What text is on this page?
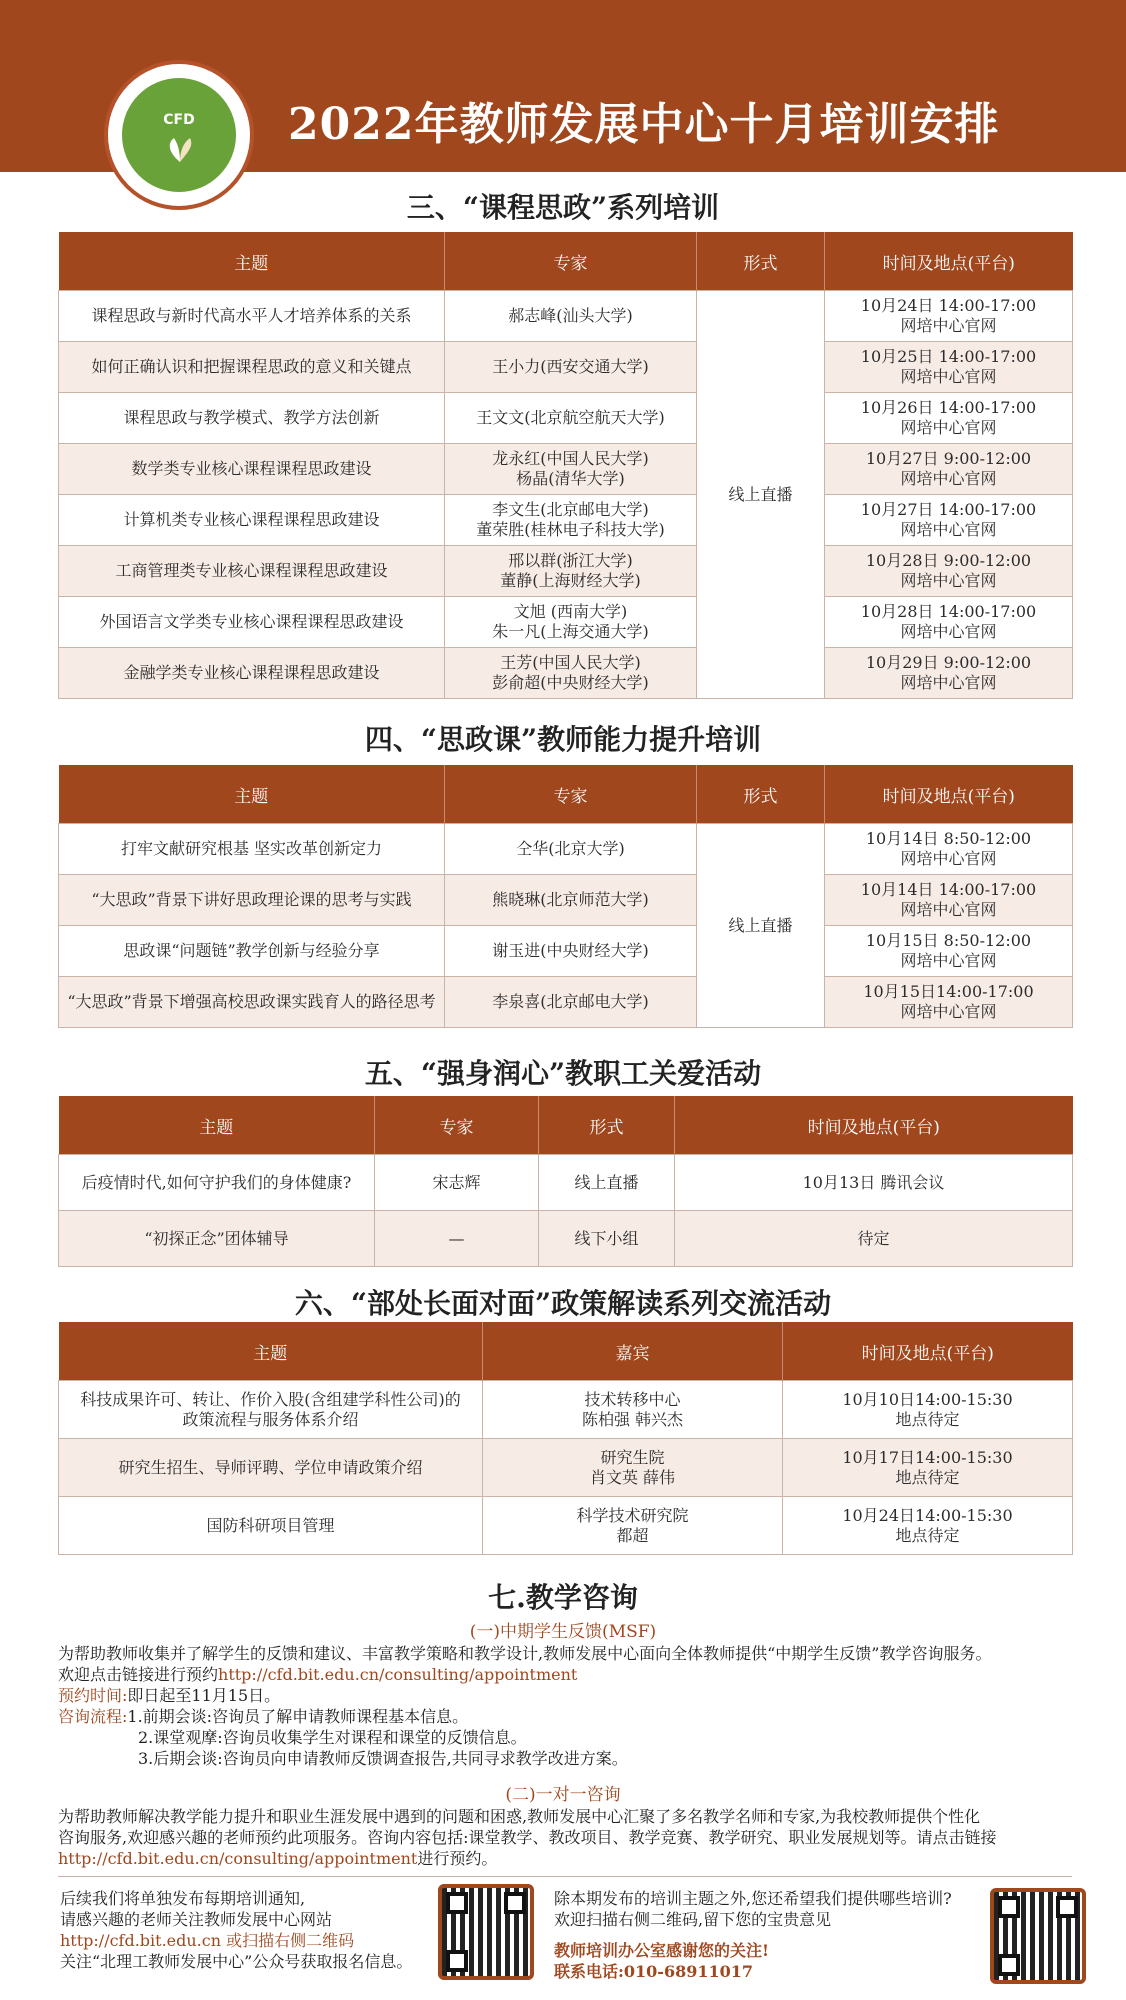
2022年教师发展中心十月培训安排
CFD
三、“课程思政”系列培训
主题	专家	形式	时间及地点(平台)
课程思政与新时代高水平人才培养体系的关系	郝志峰(汕头大学)	线上直播	10月24日 14:00-17:00
网培中心官网

如何正确认识和把握课程思政的意义和关键点	王小力(西安交通大学)		10月25日 14:00-17:00
网培中心官网

课程思政与教学模式、教学方法创新	王文文(北京航空航天大学)		10月26日 14:00-17:00
网培中心官网

数学类专业核心课程课程思政建设	龙永红(中国人民大学)
杨晶(清华大学)		10月27日 9:00-12:00
网培中心官网

计算机类专业核心课程课程思政建设	李文生(北京邮电大学)
董荣胜(桂林电子科技大学)		10月27日 14:00-17:00
网培中心官网

工商管理类专业核心课程课程思政建设	邢以群(浙江大学)
董静(上海财经大学)		10月28日 9:00-12:00
网培中心官网

外国语言文学类专业核心课程课程思政建设	文旭 (西南大学)
朱一凡(上海交通大学)		10月28日 14:00-17:00
网培中心官网

金融学类专业核心课程课程思政建设	王芳(中国人民大学)
彭俞超(中央财经大学)		10月29日 9:00-12:00
网培中心官网
四、“思政课”教师能力提升培训
主题	专家	形式	时间及地点(平台)
打牢文献研究根基 坚实改革创新定力	仝华(北京大学)	线上直播	10月14日 8:50-12:00
网培中心官网

“大思政”背景下讲好思政理论课的思考与实践	熊晓琳(北京师范大学)		10月14日 14:00-17:00
网培中心官网

思政课“问题链”教学创新与经验分享	谢玉进(中央财经大学)		10月15日 8:50-12:00
网培中心官网

“大思政”背景下增强高校思政课实践育人的路径思考	李泉喜(北京邮电大学)		10月15日14:00-17:00
网培中心官网
五、“强身润心”教职工关爱活动
主题	专家	形式	时间及地点(平台)
后疫情时代,如何守护我们的身体健康?	宋志辉	线上直播	10月13日 腾讯会议
“初探正念”团体辅导	—	线下小组	待定
六、“部处长面对面”政策解读系列交流活动
主题	嘉宾	时间及地点(平台)

科技成果许可、转让、作价入股(含组建学科性公司)的
政策流程与服务体系介绍	技术转移中心
陈柏强 韩兴杰	10月10日14:00-15:30
地点待定

研究生招生、导师评聘、学位申请政策介绍	研究生院
肖文英 薛伟	10月17日14:00-15:30
地点待定

国防科研项目管理	科学技术研究院
都超	10月24日14:00-15:30
地点待定
七.教学咨询
(一)中期学生反馈(MSF)
为帮助教师收集并了解学生的反馈和建议、丰富教学策略和教学设计,教师发展中心面向全体教师提供“中期学生反馈”教学咨询服务。
欢迎点击链接进行预约http://cfd.bit.edu.cn/consulting/appointment
预约时间:即日起至11月15日。
咨询流程:1.前期会谈:咨询员了解申请教师课程基本信息。
2.课堂观摩:咨询员收集学生对课程和课堂的反馈信息。
3.后期会谈:咨询员向申请教师反馈调查报告,共同寻求教学改进方案。
(二)一对一咨询
为帮助教师解决教学能力提升和职业生涯发展中遇到的问题和困惑,教师发展中心汇聚了多名教学名师和专家,为我校教师提供个性化
咨询服务,欢迎感兴趣的老师预约此项服务。咨询内容包括:课堂教学、教改项目、教学竞赛、教学研究、职业发展规划等。请点击链接
http://cfd.bit.edu.cn/consulting/appointment进行预约。
后续我们将单独发布每期培训通知,
请感兴趣的老师关注教师发展中心网站
http://cfd.bit.edu.cn 或扫描右侧二维码
关注“北理工教师发展中心”公众号获取报名信息。
除本期发布的培训主题之外,您还希望我们提供哪些培训?
欢迎扫描右侧二维码,留下您的宝贵意见

教师培训办公室感谢您的关注!
联系电话:010-68911017
